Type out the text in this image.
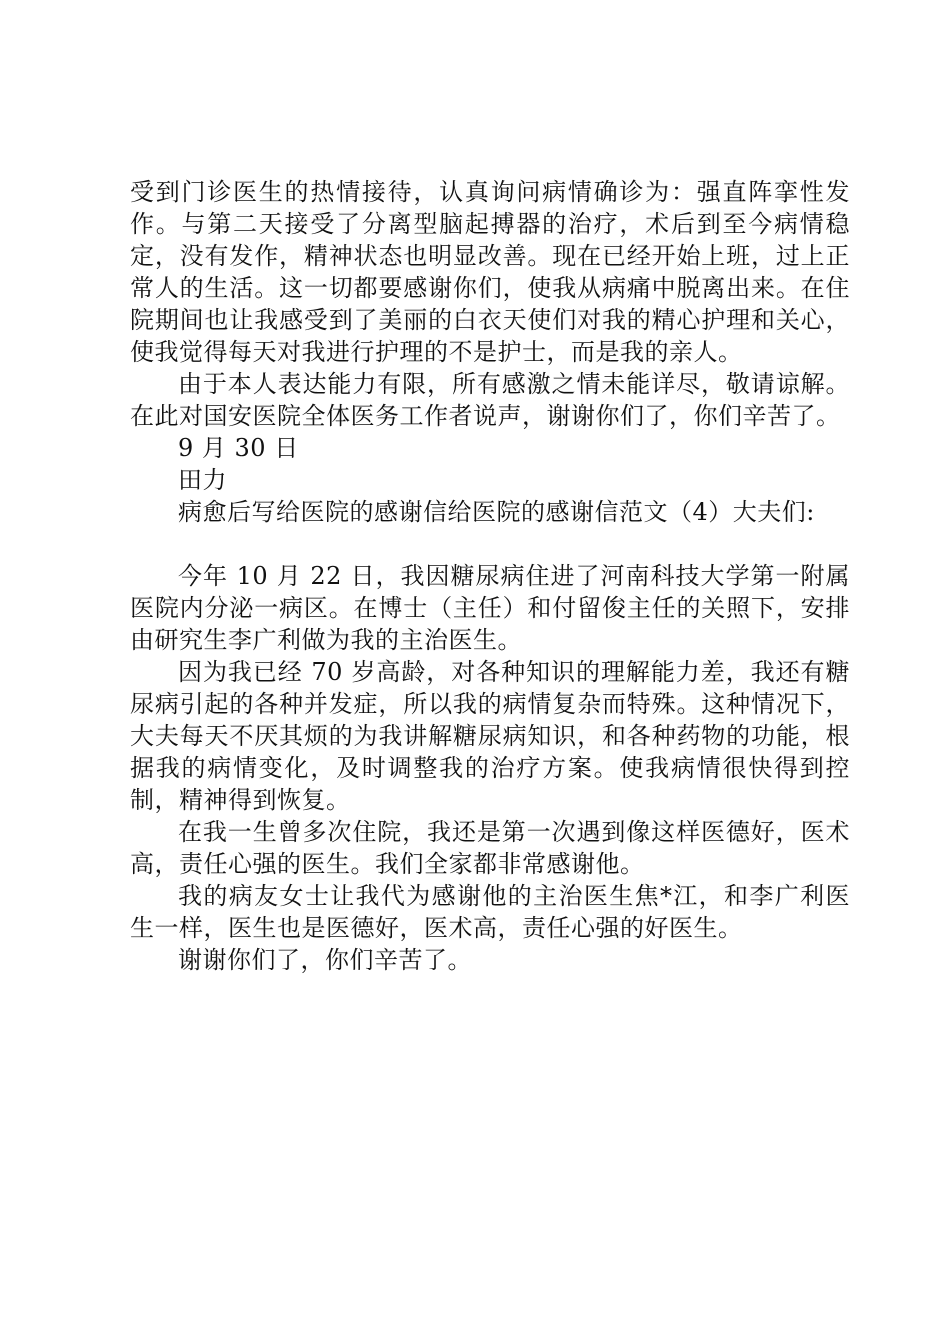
受到门诊医生的热情接待，认真询问病情确诊为：强直阵挛性发作。与第二天接受了分离型脑起搏器的治疗，术后到至今病情稳定，没有发作，精神状态也明显改善。现在已经开始上班，过上正常人的生活。这一切都要感谢你们，使我从病痛中脱离出来。在住院期间也让我感受到了美丽的白衣天使们对我的精心护理和关心，使我觉得每天对我进行护理的不是护士，而是我的亲人。

由于本人表达能力有限，所有感激之情未能详尽，敬请谅解。在此对国安医院全体医务工作者说声，谢谢你们了，你们辛苦了。

9 月 30 日

田力

病愈后写给医院的感谢信给医院的感谢信范文（4）大夫们:

今年 10 月 22 日，我因糖尿病住进了河南科技大学第一附属医院内分泌一病区。在博士（主任）和付留俊主任的关照下，安排由研究生李广利做为我的主治医生。

因为我已经 70 岁高龄，对各种知识的理解能力差，我还有糖尿病引起的各种并发症，所以我的病情复杂而特殊。这种情况下，大夫每天不厌其烦的为我讲解糖尿病知识，和各种药物的功能，根据我的病情变化，及时调整我的治疗方案。使我病情很快得到控制，精神得到恢复。

在我一生曾多次住院，我还是第一次遇到像这样医德好，医术高，责任心强的医生。我们全家都非常感谢他。

我的病友女士让我代为感谢他的主治医生焦*江，和李广利医生一样，医生也是医德好，医术高，责任心强的好医生。

谢谢你们了，你们辛苦了。
